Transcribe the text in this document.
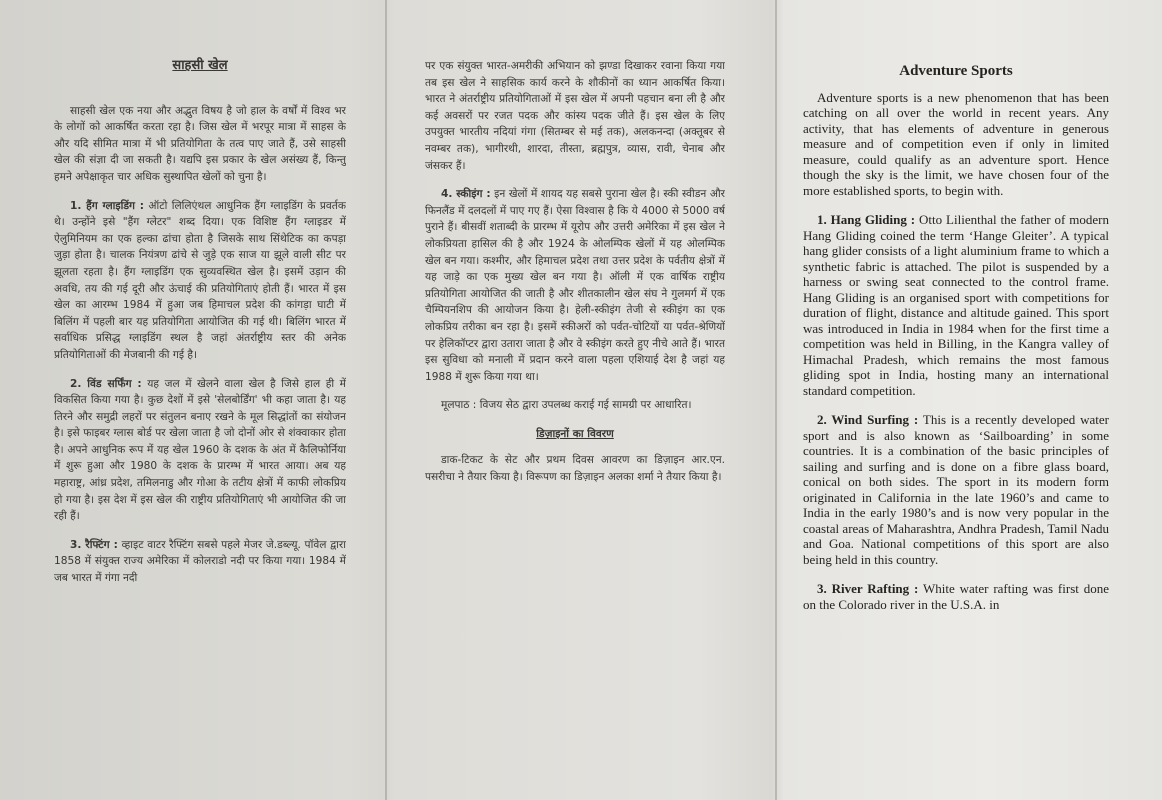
साहसी खेल

साहसी खेल एक नया और अद्भुत विषय है जो हाल के वर्षों में विश्व भर के लोगों को आकर्षित करता रहा है। जिस खेल में भरपूर मात्रा में साहस के और यदि सीमित मात्रा में भी प्रतियोगिता के तत्व पाए जाते हैं, उसे साहसी खेल की संज्ञा दी जा सकती है। यद्यपि इस प्रकार के खेल असंख्य हैं, किन्तु हमने अपेक्षाकृत चार अधिक सुस्थापित खेलों को चुना है।

1. हैंग ग्लाइडिंग : ऑटो लिलिएंथल आधुनिक हैंग ग्लाइडिंग के प्रवर्तक थे। उन्होंने इसे "हैंग ग्लेटर" शब्द दिया। एक विशिष्ट हैंग ग्लाइडर में ऐलुमिनियम का एक हल्का ढांचा होता है जिसके साथ सिंथेटिक का कपड़ा जुड़ा होता है। चालक नियंत्रण ढांचे से जुड़े एक साज या झूले वाली सीट पर झूलता रहता है। हैंग ग्लाइडिंग एक सुव्यवस्थित खेल है। इसमें उड़ान की अवधि, तय की गई दूरी और ऊंचाई की प्रतियोगिताएं होती हैं। भारत में इस खेल का आरम्भ 1984 में हुआ जब हिमाचल प्रदेश की कांगड़ा घाटी में बिलिंग में पहली बार यह प्रतियोगिता आयोजित की गई थी। बिलिंग भारत में सर्वाधिक प्रसिद्ध ग्लाइडिंग स्थल है जहां अंतर्राष्ट्रीय स्तर की अनेक प्रतियोगिताओं की मेजबानी की गई है।

2. विंड सर्फिंग : यह जल में खेलने वाला खेल है जिसे हाल ही में विकसित किया गया है। कुछ देशों में इसे 'सेलबोर्डिंग' भी कहा जाता है। यह तिरने और समुद्री लहरों पर संतुलन बनाए रखने के मूल सिद्धांतों का संयोजन है। इसे फाइबर ग्लास बोर्ड पर खेला जाता है जो दोनों ओर से शंक्वाकार होता है। अपने आधुनिक रूप में यह खेल 1960 के दशक के अंत में कैलिफोर्निया में शुरू हुआ और 1980 के दशक के प्रारम्भ में भारत आया। अब यह महाराष्ट्र, आंध्र प्रदेश, तमिलनाडु और गोआ के तटीय क्षेत्रों में काफी लोकप्रिय हो गया है। इस देश में इस खेल की राष्ट्रीय प्रतियोगिताएं भी आयोजित की जा रही हैं।

3. रैफ्टिंग : व्हाइट वाटर रैफ्टिंग सबसे पहले मेजर जे.डब्ल्यू. पॉवेल द्वारा 1858 में संयुक्त राज्य अमेरिका में कोलराडो नदी पर किया गया। 1984 में जब भारत में गंगा नदी

पर एक संयुक्त भारत-अमरीकी अभियान को झण्डा दिखाकर रवाना किया गया तब इस खेल ने साहसिक कार्य करने के शौकीनों का ध्यान आकर्षित किया। भारत ने अंतर्राष्ट्रीय प्रतियोगिताओं में इस खेल में अपनी पहचान बना ली है और कई अवसरों पर रजत पदक और कांस्य पदक जीते हैं। इस खेल के लिए उपयुक्त भारतीय नदियां गंगा (सितम्बर से मई तक), अलकनन्दा (अक्तूबर से नवम्बर तक), भागीरथी, शारदा, तीस्ता, ब्रह्मपुत्र, व्यास, रावी, चेनाब और जंसकर हैं।

4. स्कीइंग : इन खेलों में शायद यह सबसे पुराना खेल है। स्की स्वीडन और फिनलैंड में दलदलों में पाए गए हैं। ऐसा विश्वास है कि ये 4000 से 5000 वर्ष पुराने हैं। बीसवीं शताब्दी के प्रारम्भ में यूरोप और उत्तरी अमेरिका में इस खेल ने लोकप्रियता हासिल की है और 1924 के ओलम्पिक खेलों में यह ओलम्पिक खेल बन गया। कश्मीर, और हिमाचल प्रदेश तथा उत्तर प्रदेश के पर्वतीय क्षेत्रों में यह जाड़े का एक मुख्य खेल बन गया है। ऑली में एक वार्षिक राष्ट्रीय प्रतियोगिता आयोजित की जाती है और शीतकालीन खेल संघ ने गुलमर्ग में एक चैम्पियनशिप की आयोजन किया है। हेली-स्कीइंग तेजी से स्कीइंग का एक लोकप्रिय तरीका बन रहा है। इसमें स्कीअरों को पर्वत-चोटियों या पर्वत-श्रेणियों पर हेलिकॉप्टर द्वारा उतारा जाता है और वे स्कीइंग करते हुए नीचे आते हैं। भारत इस सुविधा को मनाली में प्रदान करने वाला पहला एशियाई देश है जहां यह 1988 में शुरू किया गया था।

मूलपाठ : विजय सेठ द्वारा उपलब्ध कराई गई सामग्री पर आधारित।

डिज़ाइनों का विवरण

डाक-टिकट के सेट और प्रथम दिवस आवरण का डिज़ाइन आर.एन. पसरीचा ने तैयार किया है। विरूपण का डिज़ाइन अलका शर्मा ने तैयार किया है।

Adventure Sports

Adventure sports is a new phenomenon that has been catching on all over the world in recent years. Any activity, that has elements of adventure in generous measure and of competition even if only in limited measure, could qualify as an adventure sport. Hence though the sky is the limit, we have chosen four of the more established sports, to begin with.

1. Hang Gliding : Otto Lilienthal the father of modern Hang Gliding coined the term ‘Hange Gleiter’. A typical hang glider consists of a light aluminium frame to which a synthetic fabric is attached. The pilot is suspended by a harness or swing seat connected to the control frame. Hang Gliding is an organised sport with competitions for duration of flight, distance and altitude gained. This sport was introduced in India in 1984 when for the first time a competition was held in Billing, in the Kangra valley of Himachal Pradesh, which remains the most famous gliding spot in India, hosting many an international standard competition.

2. Wind Surfing : This is a recently developed water sport and is also known as ‘Sailboarding’ in some countries. It is a combination of the basic principles of sailing and surfing and is done on a fibre glass board, conical on both sides. The sport in its modern form originated in California in the late 1960’s and came to India in the early 1980’s and is now very popular in the coastal areas of Maharashtra, Andhra Pradesh, Tamil Nadu and Goa. National competitions of this sport are also being held in this country.

3. River Rafting : White water rafting was first done on the Colorado river in the U.S.A. in
